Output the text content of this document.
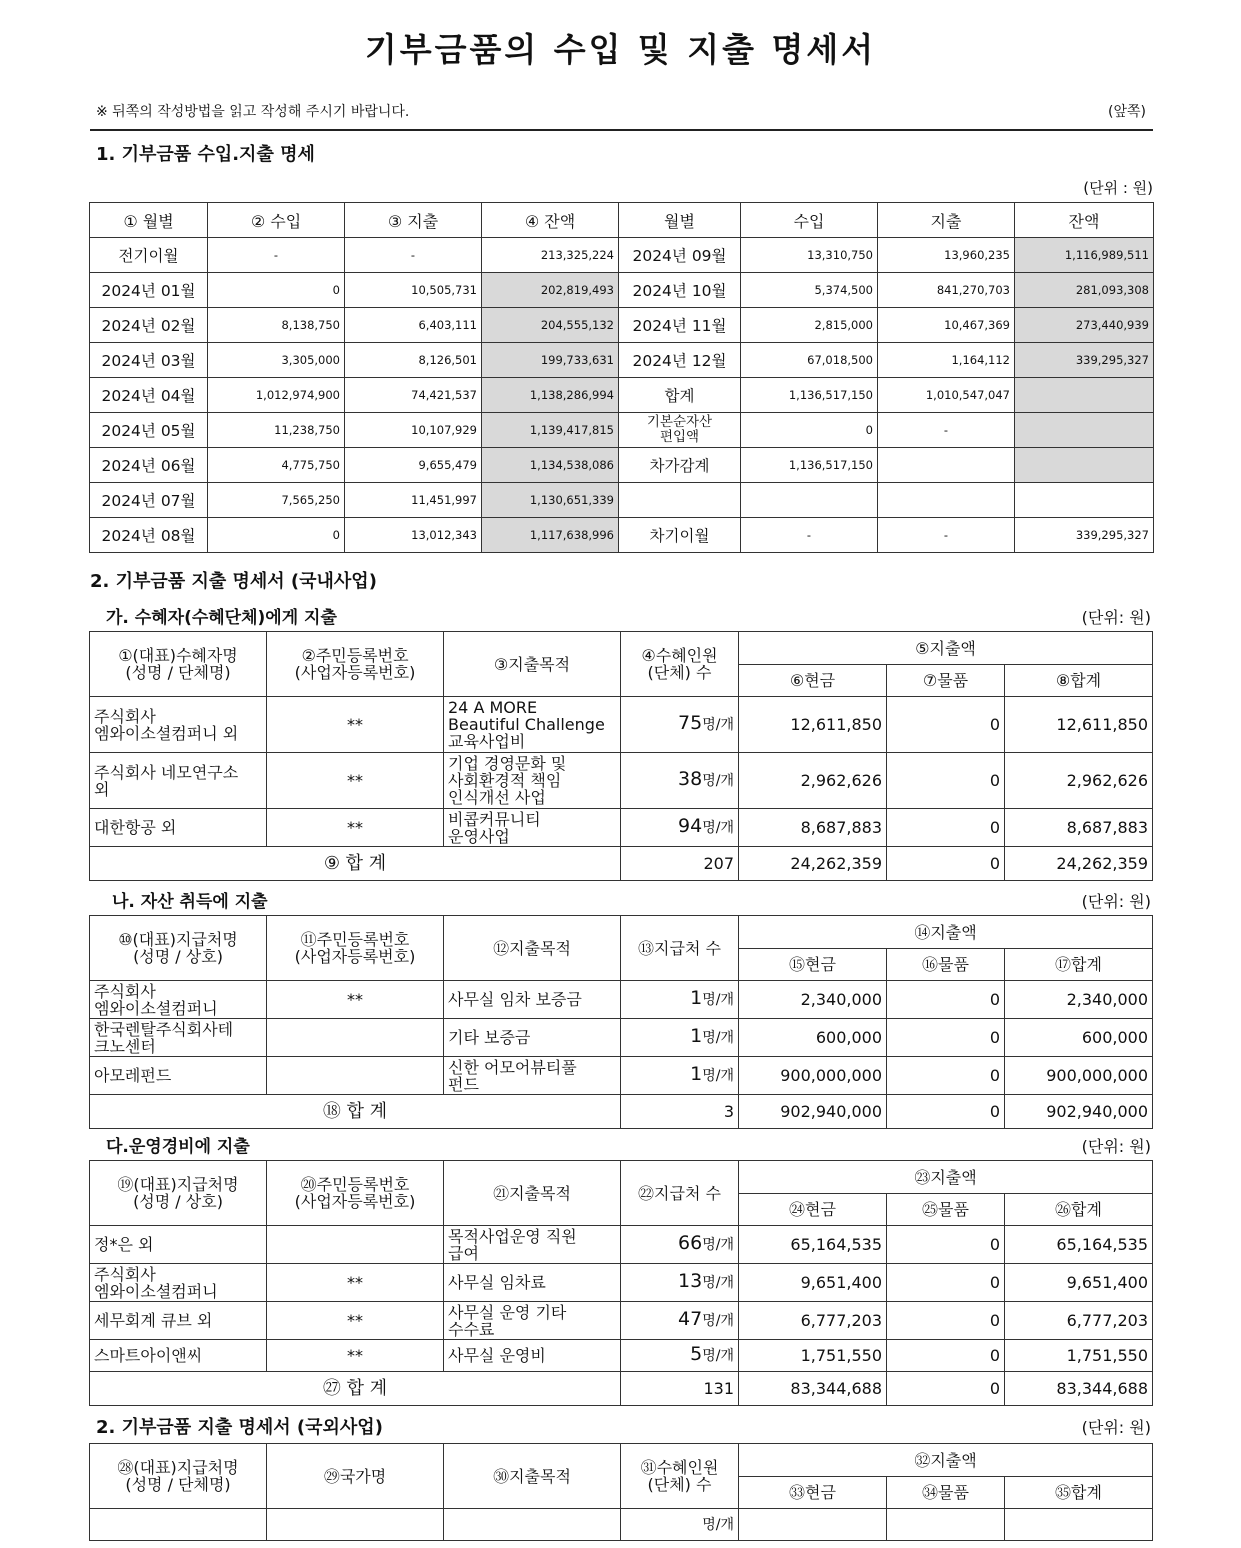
기부금품의 수입 및 지출 명세서
※ 뒤쪽의 작성방법을 읽고 작성해 주시기 바랍니다.	(앞쪽)
1. 기부금품 수입.지출 명세
(단위 : 원)
① 월별	② 수입	③ 지출	④ 잔액	월별	수입	지출	잔액
전기이월	-	-	213,325,224	2024년 09월	13,310,750	13,960,235	1,116,989,511
2024년 01월	0	10,505,731	202,819,493	2024년 10월	5,374,500	841,270,703	281,093,308
2024년 02월	8,138,750	6,403,111	204,555,132	2024년 11월	2,815,000	10,467,369	273,440,939
2024년 03월	3,305,000	8,126,501	199,733,631	2024년 12월	67,018,500	1,164,112	339,295,327
2024년 04월	1,012,974,900	74,421,537	1,138,286,994	합계	1,136,517,150	1,010,547,047	
2024년 05월	11,238,750	10,107,929	1,139,417,815	기본순자산
편입액	0	-	
2024년 06월	4,775,750	9,655,479	1,134,538,086	차가감계	1,136,517,150		
2024년 07월	7,565,250	11,451,997	1,130,651,339				
2024년 08월	0	13,012,343	1,117,638,996	차기이월	-	-	339,295,327
2. 기부금품 지출 명세서 (국내사업)
가. 수혜자(수혜단체)에게 지출	(단위: 원)
①(대표)수혜자명
(성명 / 단체명)	②주민등록번호
(사업자등록번호)	③지출목적	④수혜인원
(단체) 수	⑤지출액		
				⑥현금	⑦물품	⑧합계
주식회사
엠와이소셜컴퍼니 외	**	24 A MORE
Beautiful Challenge
교육사업비	75명/개	12,611,850	0	12,611,850
주식회사 네모연구소
외	**	기업 경영문화 및
사회환경적 책임
인식개선 사업	38명/개	2,962,626	0	2,962,626
대한항공 외	**	비콥커뮤니티
운영사업	94명/개	8,687,883	0	8,687,883
⑨ 합 계			207	24,262,359	0	24,262,359
나. 자산 취득에 지출	(단위: 원)
⑩(대표)지급처명
(성명 / 상호)	⑪주민등록번호
(사업자등록번호)	⑫지출목적	⑬지급처 수	⑭지출액		
				⑮현금	⑯물품	⑰합계
주식회사
엠와이소셜컴퍼니	**	사무실 임차 보증금	1명/개	2,340,000	0	2,340,000
한국렌탈주식회사테
크노센터		기타 보증금	1명/개	600,000	0	600,000
아모레펀드		신한 어모어뷰티풀
펀드	1명/개	900,000,000	0	900,000,000
⑱ 합 계			3	902,940,000	0	902,940,000
다.운영경비에 지출	(단위: 원)
⑲(대표)지급처명
(성명 / 상호)	⑳주민등록번호
(사업자등록번호)	㉑지출목적	㉒지급처 수	㉓지출액		
				㉔현금	㉕물품	㉖합계
정*은 외		목적사업운영 직원
급여	66명/개	65,164,535	0	65,164,535
주식회사
엠와이소셜컴퍼니	**	사무실 임차료	13명/개	9,651,400	0	9,651,400
세무회계 큐브 외	**	사무실 운영 기타
수수료	47명/개	6,777,203	0	6,777,203
스마트아이앤씨	**	사무실 운영비	5명/개	1,751,550	0	1,751,550
㉗ 합 계			131	83,344,688	0	83,344,688
2. 기부금품 지출 명세서 (국외사업)	(단위: 원)
㉘(대표)지급처명
(성명 / 단체명)	㉙국가명	㉚지출목적	㉛수혜인원
(단체) 수	㉜지출액		
				㉝현금	㉞물품	㉟합계
			명/개			
